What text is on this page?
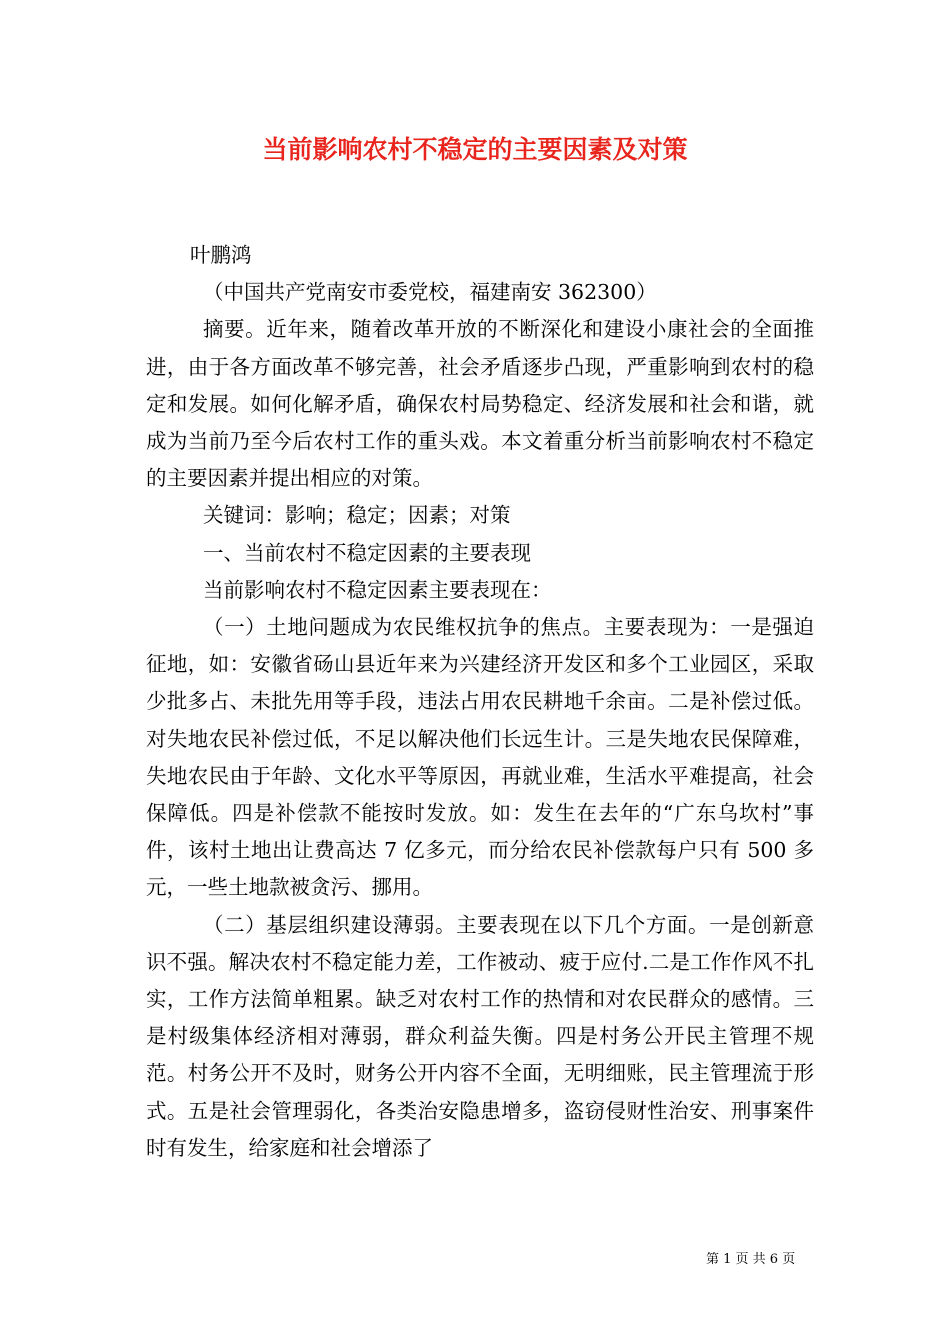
当前影响农村不稳定的主要因素及对策

叶鹏鸿

（中国共产党南安市委党校，福建南安 362300）

摘要。近年来，随着改革开放的不断深化和建设小康社会的全面推进，由于各方面改革不够完善，社会矛盾逐步凸现，严重影响到农村的稳定和发展。如何化解矛盾，确保农村局势稳定、经济发展和社会和谐，就成为当前乃至今后农村工作的重头戏。本文着重分析当前影响农村不稳定的主要因素并提出相应的对策。

关键词：影响；稳定；因素；对策

一、当前农村不稳定因素的主要表现

当前影响农村不稳定因素主要表现在：

（一）土地问题成为农民维权抗争的焦点。主要表现为：一是强迫征地，如：安徽省砀山县近年来为兴建经济开发区和多个工业园区，采取少批多占、未批先用等手段，违法占用农民耕地千余亩。二是补偿过低。对失地农民补偿过低，不足以解决他们长远生计。三是失地农民保障难，失地农民由于年龄、文化水平等原因，再就业难，生活水平难提高，社会保障低。四是补偿款不能按时发放。如：发生在去年的“广东乌坎村”事件，该村土地出让费高达 7 亿多元，而分给农民补偿款每户只有 500 多元，一些土地款被贪污、挪用。

（二）基层组织建设薄弱。主要表现在以下几个方面。一是创新意识不强。解决农村不稳定能力差，工作被动、疲于应付.二是工作作风不扎实，工作方法简单粗累。缺乏对农村工作的热情和对农民群众的感情。三是村级集体经济相对薄弱，群众利益失衡。四是村务公开民主管理不规范。村务公开不及时，财务公开内容不全面，无明细账，民主管理流于形式。五是社会管理弱化，各类治安隐患增多，盗窃侵财性治安、刑事案件时有发生，给家庭和社会增添了

第 1 页 共 6 页
